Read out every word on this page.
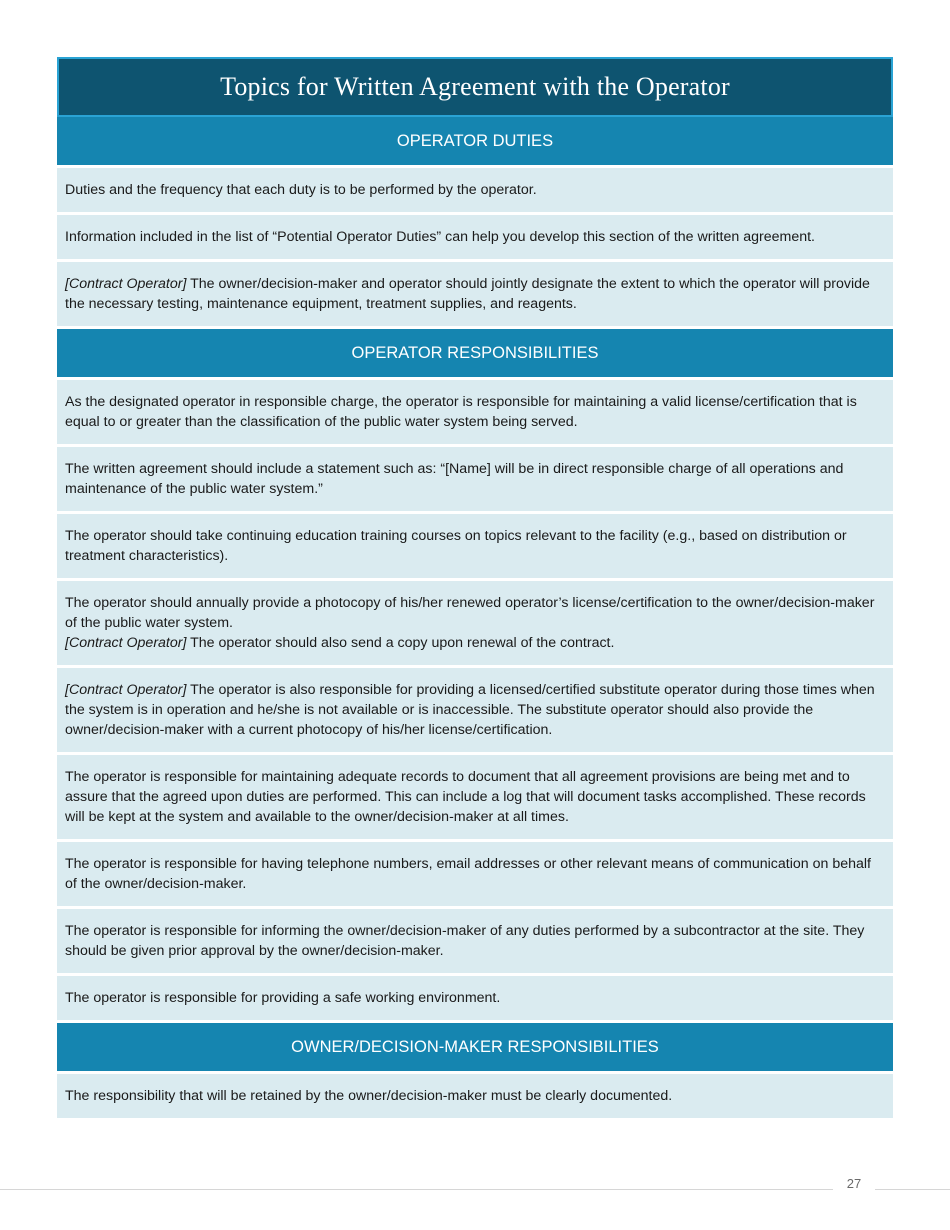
Topics for Written Agreement with the Operator
OPERATOR DUTIES
Duties and the frequency that each duty is to be performed by the operator.
Information included in the list of “Potential Operator Duties” can help you develop this section of the written agreement.
[Contract Operator] The owner/decision-maker and operator should jointly designate the extent to which the operator will provide the necessary testing, maintenance equipment, treatment supplies, and reagents.
OPERATOR RESPONSIBILITIES
As the designated operator in responsible charge, the operator is responsible for maintaining a valid license/certification that is equal to or greater than the classification of the public water system being served.
The written agreement should include a statement such as: “[Name] will be in direct responsible charge of all operations and maintenance of the public water system.”
The operator should take continuing education training courses on topics relevant to the facility (e.g., based on distribution or treatment characteristics).
The operator should annually provide a photocopy of his/her renewed operator’s license/certification to the owner/decision-maker of the public water system.
[Contract Operator] The operator should also send a copy upon renewal of the contract.
[Contract Operator] The operator is also responsible for providing a licensed/certified substitute operator during those times when the system is in operation and he/she is not available or is inaccessible. The substitute operator should also provide the owner/decision-maker with a current photocopy of his/her license/certification.
The operator is responsible for maintaining adequate records to document that all agreement provisions are being met and to assure that the agreed upon duties are performed. This can include a log that will document tasks accomplished. These records will be kept at the system and available to the owner/decision-maker at all times.
The operator is responsible for having telephone numbers, email addresses or other relevant means of communication on behalf of the owner/decision-maker.
The operator is responsible for informing the owner/decision-maker of any duties performed by a subcontractor at the site. They should be given prior approval by the owner/decision-maker.
The operator is responsible for providing a safe working environment.
OWNER/DECISION-MAKER RESPONSIBILITIES
The responsibility that will be retained by the owner/decision-maker must be clearly documented.
27
